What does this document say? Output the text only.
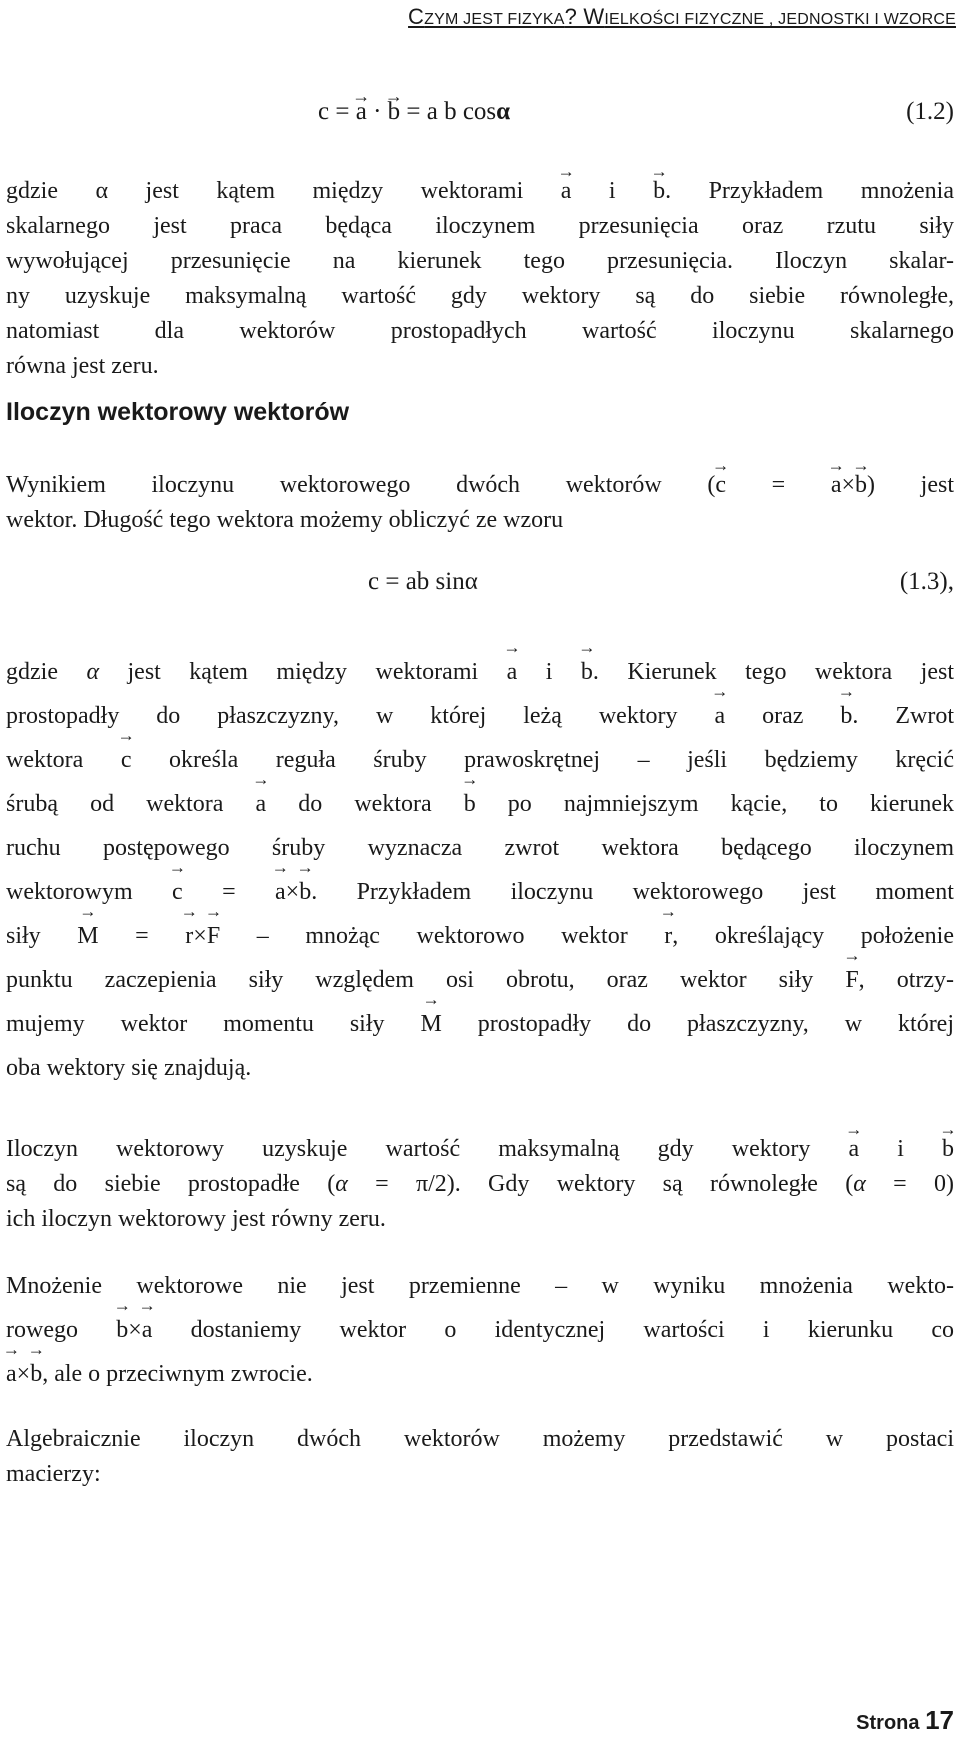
CZYM JEST FIZYKA? WIELKOŚCI FIZYCZNE , JEDNOSTKI I WZORCE
c = → a · → b = a b cosα	(1.2)
gdzie α jest kątem między wektorami → a i → b. Przykładem mnożenia
skalarnego jest praca będąca iloczynem przesunięcia oraz rzutu siły
wywołującej przesunięcie na kierunek tego przesunięcia. Iloczyn skalar-
ny uzyskuje maksymalną wartość gdy wektory są do siebie równoległe,
natomiast dla wektorów prostopadłych wartość iloczynu skalarnego
równa jest zeru.
Iloczyn wektorowy wektorów
Wynikiem iloczynu wektorowego dwóch wektorów (→ c = → a×→ b) jest
wektor. Długość tego wektora możemy obliczyć ze wzoru
c = ab sinα	(1.3),
gdzie α jest kątem między wektorami → a i → b. Kierunek tego wektora jest
prostopadły do płaszczyzny, w której leżą wektory → a oraz → b. Zwrot
wektora → c określa reguła śruby prawoskrętnej – jeśli będziemy kręcić
śrubą od wektora → a do wektora → b po najmniejszym kącie, to kierunek
ruchu postępowego śruby wyznacza zwrot wektora będącego iloczynem
wektorowym → c = → a×→ b. Przykładem iloczynu wektorowego jest moment
siły → M = → r×→ F – mnożąc wektorowo wektor → r, określający położenie
punktu zaczepienia siły względem osi obrotu, oraz wektor siły → F, otrzy-
mujemy wektor momentu siły → M prostopadły do płaszczyzny, w której
oba wektory się znajdują.
Iloczyn wektorowy uzyskuje wartość maksymalną gdy wektory → a i → b
są do siebie prostopadłe (α = π/2). Gdy wektory są równoległe (α = 0)
ich iloczyn wektorowy jest równy zeru.
Mnożenie wektorowe nie jest przemienne – w wyniku mnożenia wekto-
rowego → b×→ a dostaniemy wektor o identycznej wartości i kierunku co
→ a×→ b, ale o przeciwnym zwrocie.
Algebraicznie iloczyn dwóch wektorów możemy przedstawić w postaci
macierzy:
Strona 17
